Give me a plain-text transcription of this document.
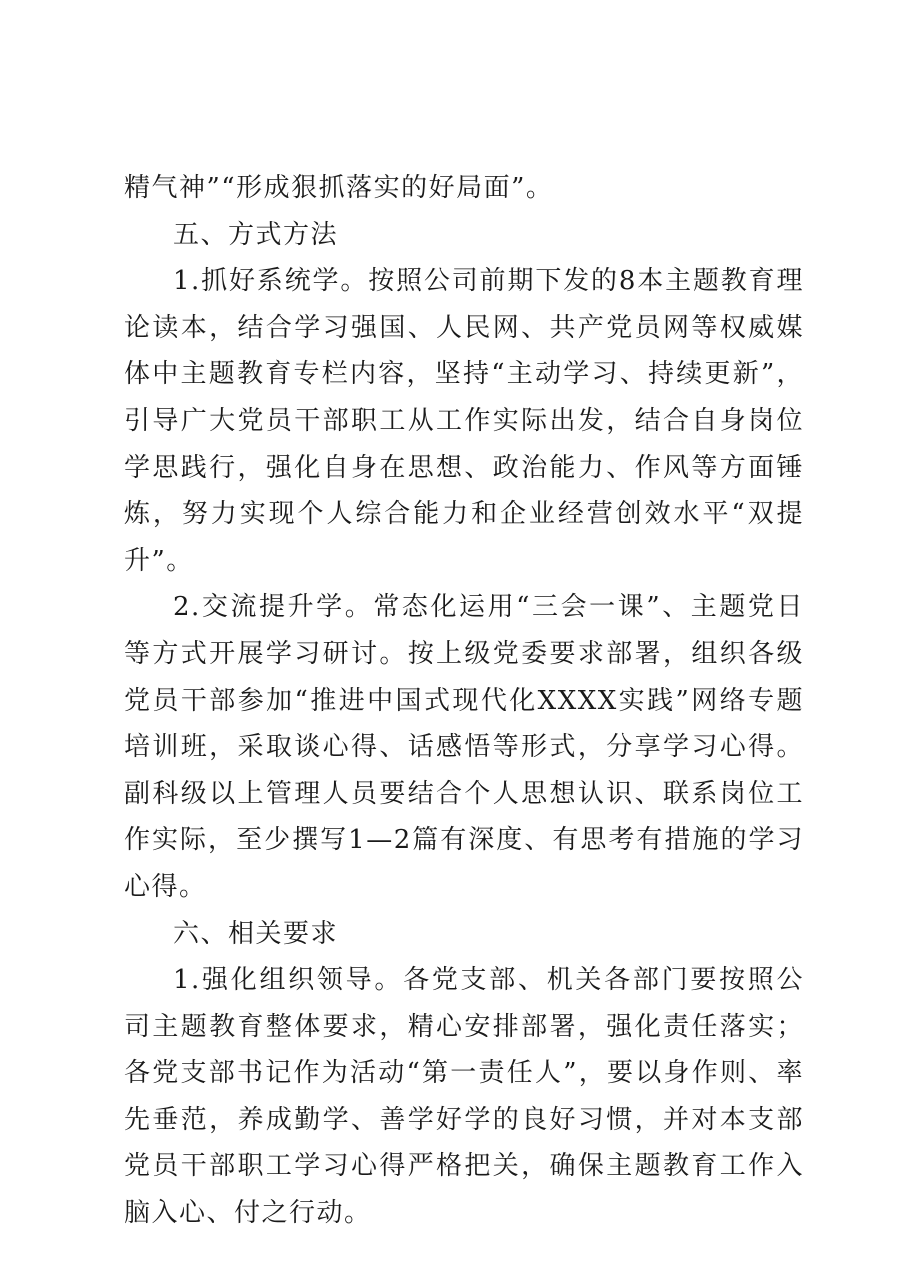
精气神”“形成狠抓落实的好局面”。

五、方式方法

1.抓好系统学。按照公司前期下发的8本主题教育理论读本，结合学习强国、人民网、共产党员网等权威媒体中主题教育专栏内容，坚持“主动学习、持续更新”，引导广大党员干部职工从工作实际出发，结合自身岗位学思践行，强化自身在思想、政治能力、作风等方面锤炼，努力实现个人综合能力和企业经营创效水平“双提升”。

2.交流提升学。常态化运用“三会一课”、主题党日等方式开展学习研讨。按上级党委要求部署，组织各级党员干部参加“推进中国式现代化XXXX实践”网络专题培训班，采取谈心得、话感悟等形式，分享学习心得。副科级以上管理人员要结合个人思想认识、联系岗位工作实际，至少撰写1—2篇有深度、有思考有措施的学习心得。

六、相关要求

1.强化组织领导。各党支部、机关各部门要按照公司主题教育整体要求，精心安排部署，强化责任落实；各党支部书记作为活动“第一责任人”，要以身作则、率先垂范，养成勤学、善学好学的良好习惯，并对本支部党员干部职工学习心得严格把关，确保主题教育工作入脑入心、付之行动。
